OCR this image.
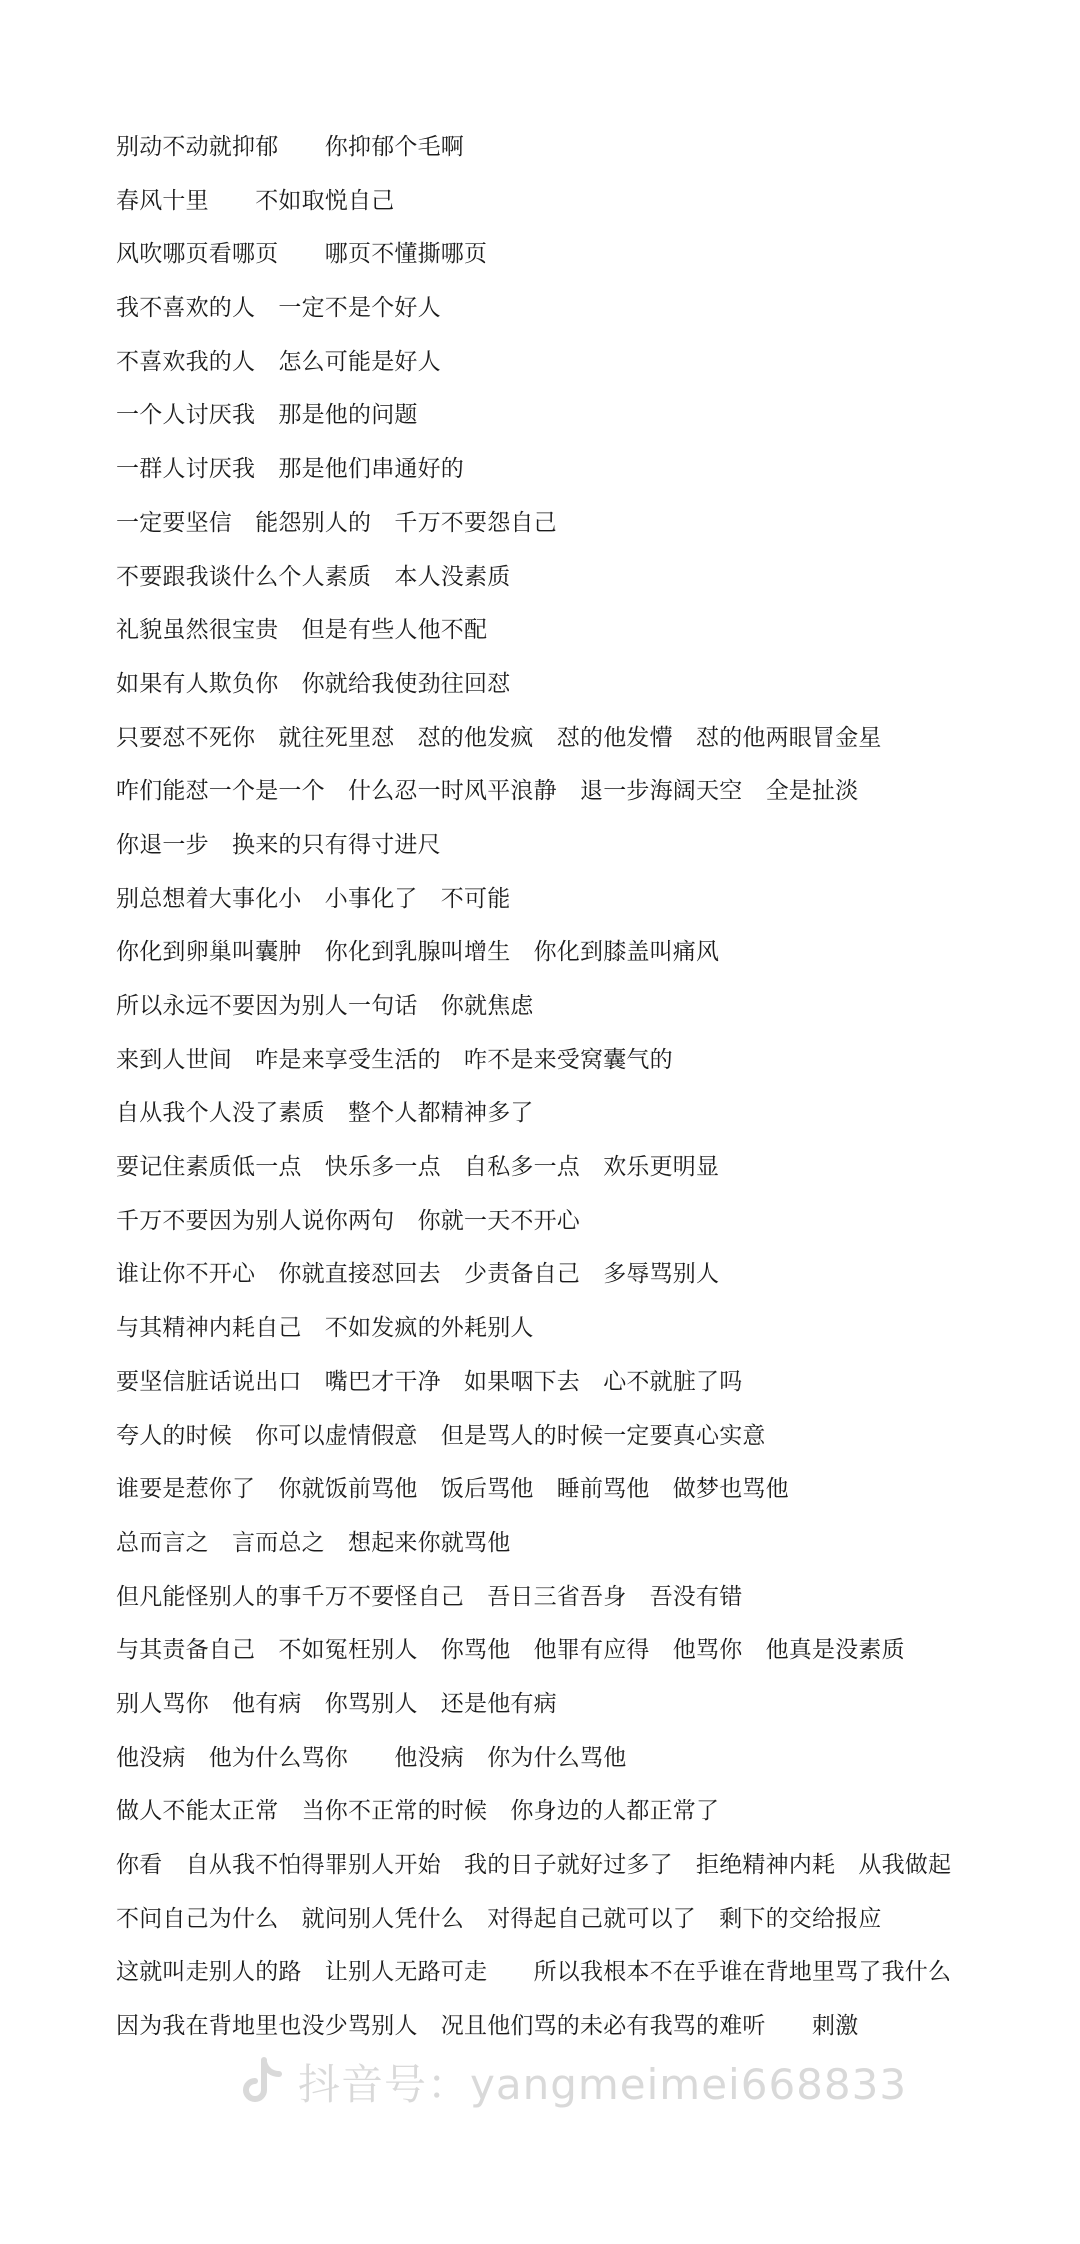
别动不动就抑郁　　你抑郁个毛啊
春风十里　　不如取悦自己
风吹哪页看哪页　　哪页不懂撕哪页
我不喜欢的人　一定不是个好人
不喜欢我的人　怎么可能是好人
一个人讨厌我　那是他的问题
一群人讨厌我　那是他们串通好的
一定要坚信　能怨别人的　千万不要怨自己
不要跟我谈什么个人素质　本人没素质
礼貌虽然很宝贵　但是有些人他不配
如果有人欺负你　你就给我使劲往回怼
只要怼不死你　就往死里怼　怼的他发疯　怼的他发懵　怼的他两眼冒金星
咋们能怼一个是一个　什么忍一时风平浪静　退一步海阔天空　全是扯淡
你退一步　换来的只有得寸进尺
别总想着大事化小　小事化了　不可能
你化到卵巢叫囊肿　你化到乳腺叫增生　你化到膝盖叫痛风
所以永远不要因为别人一句话　你就焦虑
来到人世间　咋是来享受生活的　咋不是来受窝囊气的
自从我个人没了素质　整个人都精神多了
要记住素质低一点　快乐多一点　自私多一点　欢乐更明显
千万不要因为别人说你两句　你就一天不开心
谁让你不开心　你就直接怼回去　少责备自己　多辱骂别人
与其精神内耗自己　不如发疯的外耗别人
要坚信脏话说出口　嘴巴才干净　如果咽下去　心不就脏了吗
夸人的时候　你可以虚情假意　但是骂人的时候一定要真心实意
谁要是惹你了　你就饭前骂他　饭后骂他　睡前骂他　做梦也骂他
总而言之　言而总之　想起来你就骂他
但凡能怪别人的事千万不要怪自己　吾日三省吾身　吾没有错
与其责备自己　不如冤枉别人　你骂他　他罪有应得　他骂你　他真是没素质
别人骂你　他有病　你骂别人　还是他有病
他没病　他为什么骂你　　他没病　你为什么骂他
做人不能太正常　当你不正常的时候　你身边的人都正常了
你看　自从我不怕得罪别人开始　我的日子就好过多了　拒绝精神内耗　从我做起
不问自己为什么　就问别人凭什么　对得起自己就可以了　剩下的交给报应
这就叫走别人的路　让别人无路可走　　所以我根本不在乎谁在背地里骂了我什么
因为我在背地里也没少骂别人　况且他们骂的未必有我骂的难听　　刺激
抖音号：yangmeimei668833
